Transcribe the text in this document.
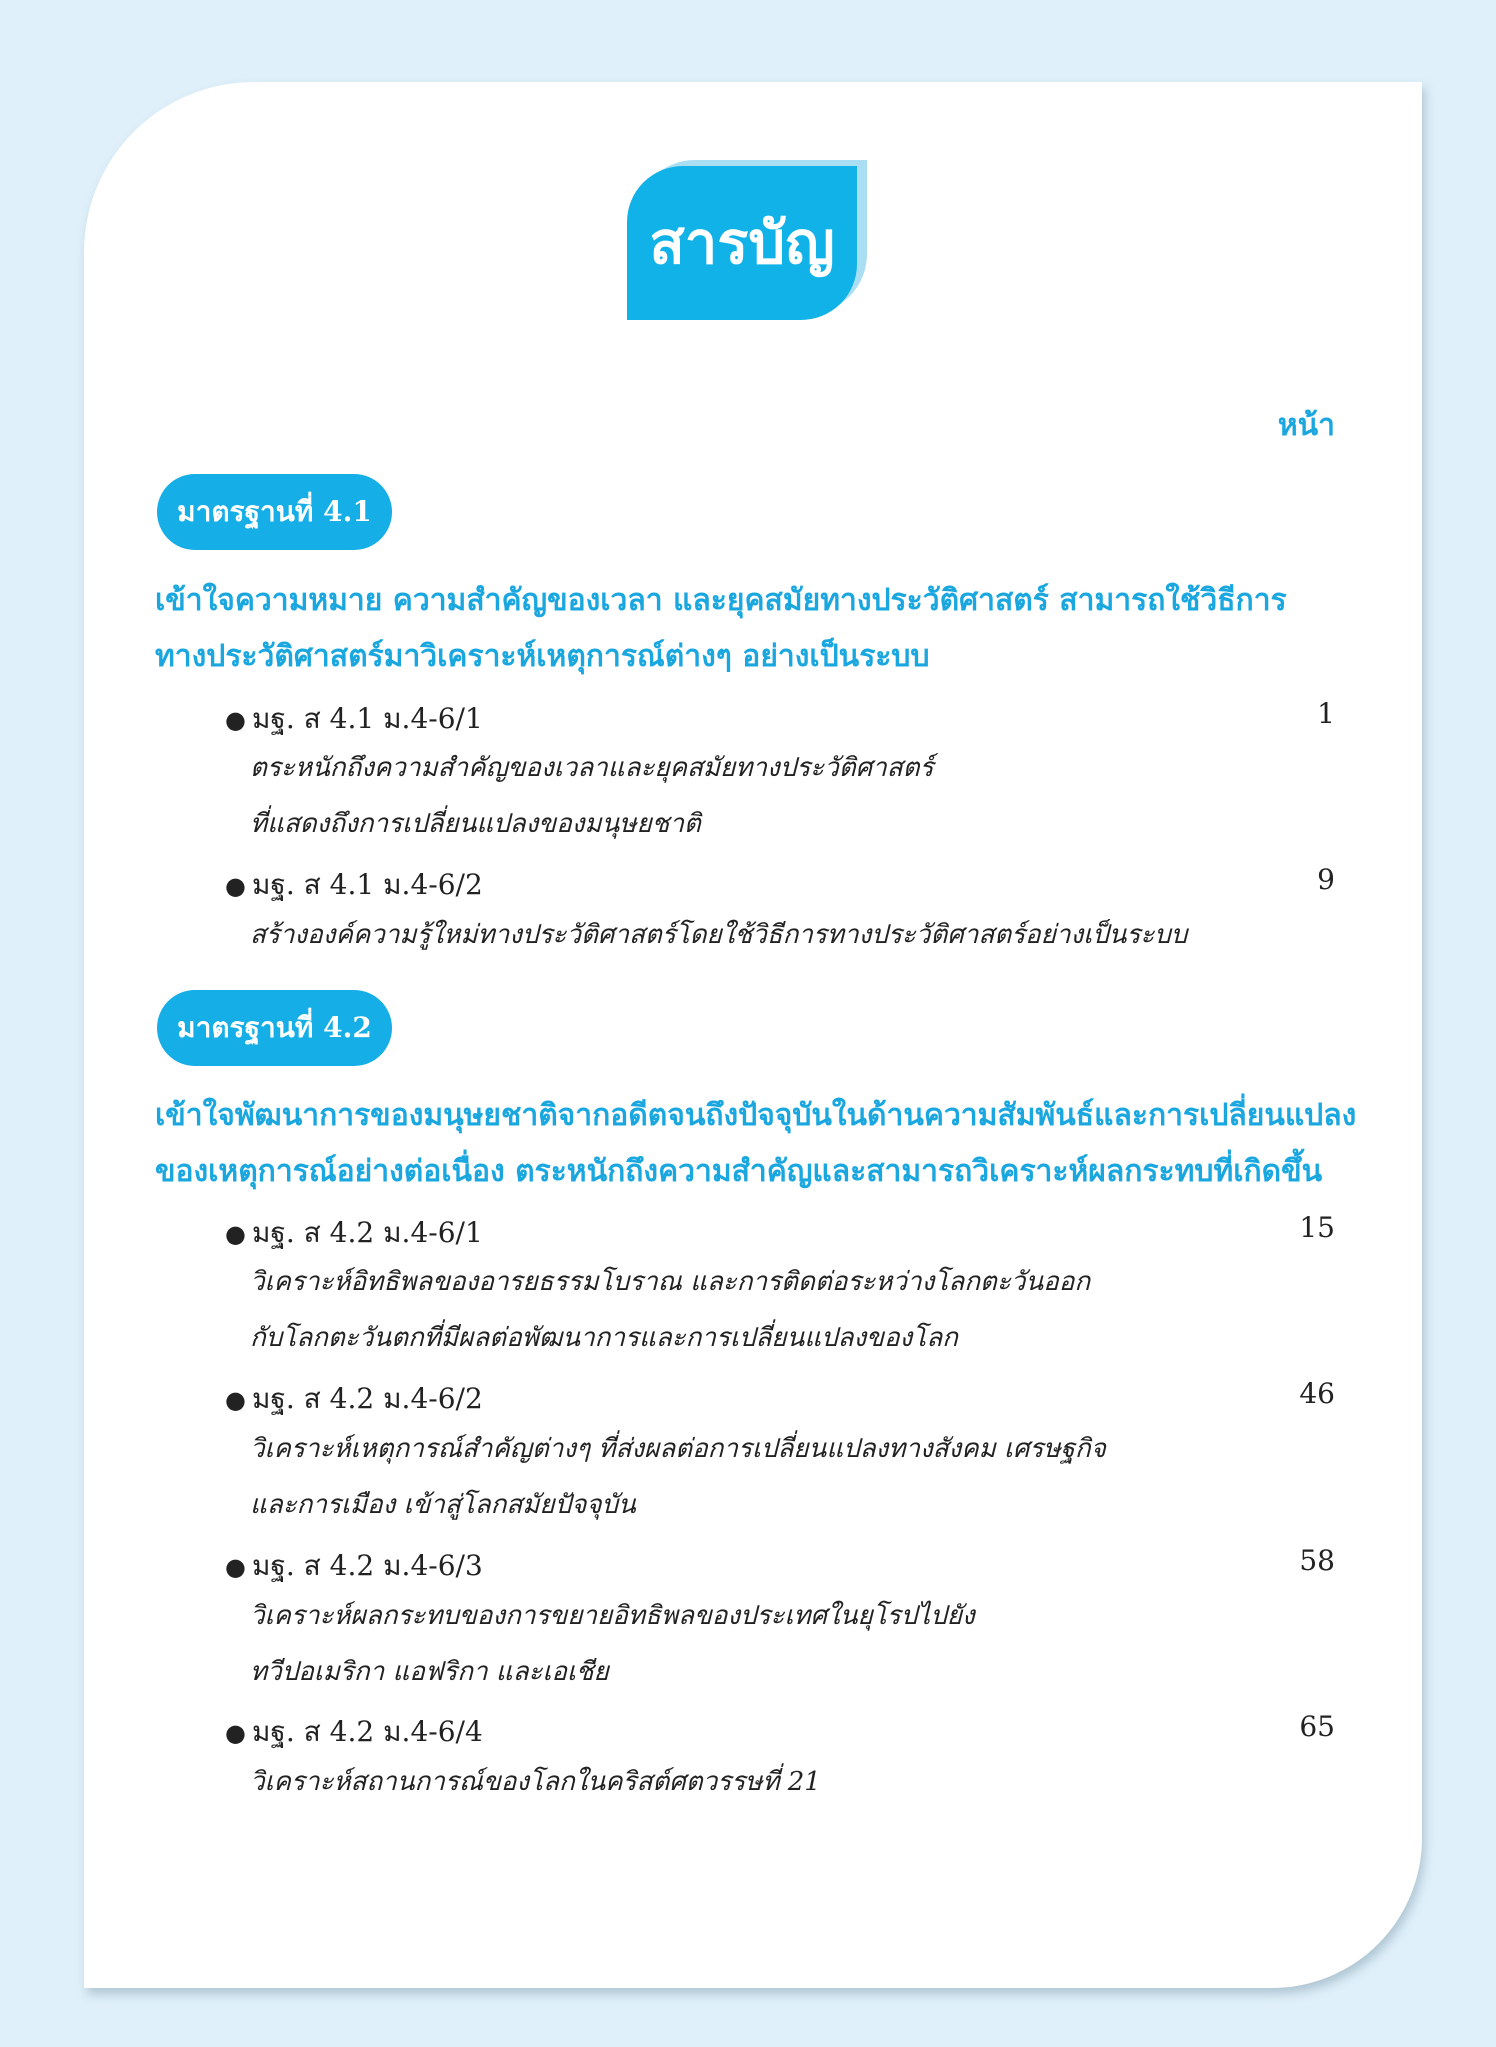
สารบัญ
หน้า
มาตรฐานที่ 4.1
เข้าใจความหมาย ความสำคัญของเวลา และยุคสมัยทางประวัติศาสตร์ สามารถใช้วิธีการ
ทางประวัติศาสตร์มาวิเคราะห์เหตุการณ์ต่างๆ อย่างเป็นระบบ
● มฐ. ส 4.1 ม.4-6/1	1
ตระหนักถึงความสำคัญของเวลาและยุคสมัยทางประวัติศาสตร์
ที่แสดงถึงการเปลี่ยนแปลงของมนุษยชาติ
● มฐ. ส 4.1 ม.4-6/2	9
สร้างองค์ความรู้ใหม่ทางประวัติศาสตร์โดยใช้วิธีการทางประวัติศาสตร์อย่างเป็นระบบ
มาตรฐานที่ 4.2
เข้าใจพัฒนาการของมนุษยชาติจากอดีตจนถึงปัจจุบันในด้านความสัมพันธ์และการเปลี่ยนแปลง
ของเหตุการณ์อย่างต่อเนื่อง ตระหนักถึงความสำคัญและสามารถวิเคราะห์ผลกระทบที่เกิดขึ้น
● มฐ. ส 4.2 ม.4-6/1	15
วิเคราะห์อิทธิพลของอารยธรรมโบราณ และการติดต่อระหว่างโลกตะวันออก
กับโลกตะวันตกที่มีผลต่อพัฒนาการและการเปลี่ยนแปลงของโลก
● มฐ. ส 4.2 ม.4-6/2	46
วิเคราะห์เหตุการณ์สำคัญต่างๆ ที่ส่งผลต่อการเปลี่ยนแปลงทางสังคม เศรษฐกิจ
และการเมือง เข้าสู่โลกสมัยปัจจุบัน
● มฐ. ส 4.2 ม.4-6/3	58
วิเคราะห์ผลกระทบของการขยายอิทธิพลของประเทศในยุโรปไปยัง
ทวีปอเมริกา แอฟริกา และเอเชีย
● มฐ. ส 4.2 ม.4-6/4	65
วิเคราะห์สถานการณ์ของโลกในคริสต์ศตวรรษที่ 21
